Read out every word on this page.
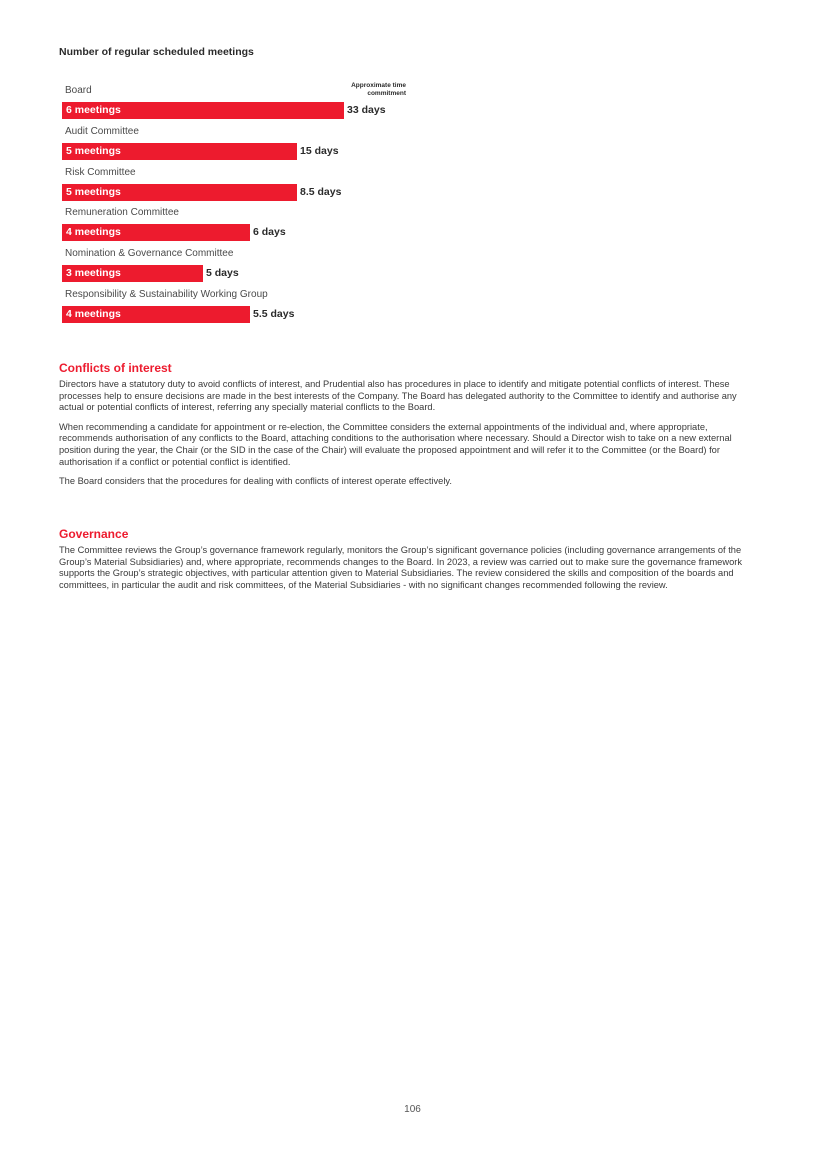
Number of regular scheduled meetings
Approximate time commitment
Board
6 meetings	33 days
Audit Committee
5 meetings	15 days
Risk Committee
5 meetings	8.5 days
Remuneration Committee
4 meetings	6 days
Nomination & Governance Committee
3 meetings	5 days
Responsibility & Sustainability Working Group
4 meetings	5.5 days
Conflicts of interest

Directors have a statutory duty to avoid conflicts of interest, and Prudential also has procedures in place to identify and mitigate potential conflicts of interest. These processes help to ensure decisions are made in the best interests of the Company. The Board has delegated authority to the Committee to identify and authorise any actual or potential conflicts of interest, referring any specially material conflicts to the Board.

When recommending a candidate for appointment or re-election, the Committee considers the external appointments of the individual and, where appropriate, recommends authorisation of any conflicts to the Board, attaching conditions to the authorisation where necessary. Should a Director wish to take on a new external position during the year, the Chair (or the SID in the case of the Chair) will evaluate the proposed appointment and will refer it to the Committee (or the Board) for authorisation if a conflict or potential conflict is identified.

The Board considers that the procedures for dealing with conflicts of interest operate effectively.

Governance

The Committee reviews the Group’s governance framework regularly, monitors the Group’s significant governance policies (including governance arrangements of the Group’s Material Subsidiaries) and, where appropriate, recommends changes to the Board. In 2023, a review was carried out to make sure the governance framework supports the Group’s strategic objectives, with particular attention given to Material Subsidiaries. The review considered the skills and composition of the boards and committees, in particular the audit and risk committees, of the Material Subsidiaries - with no significant changes recommended following the review.

106
